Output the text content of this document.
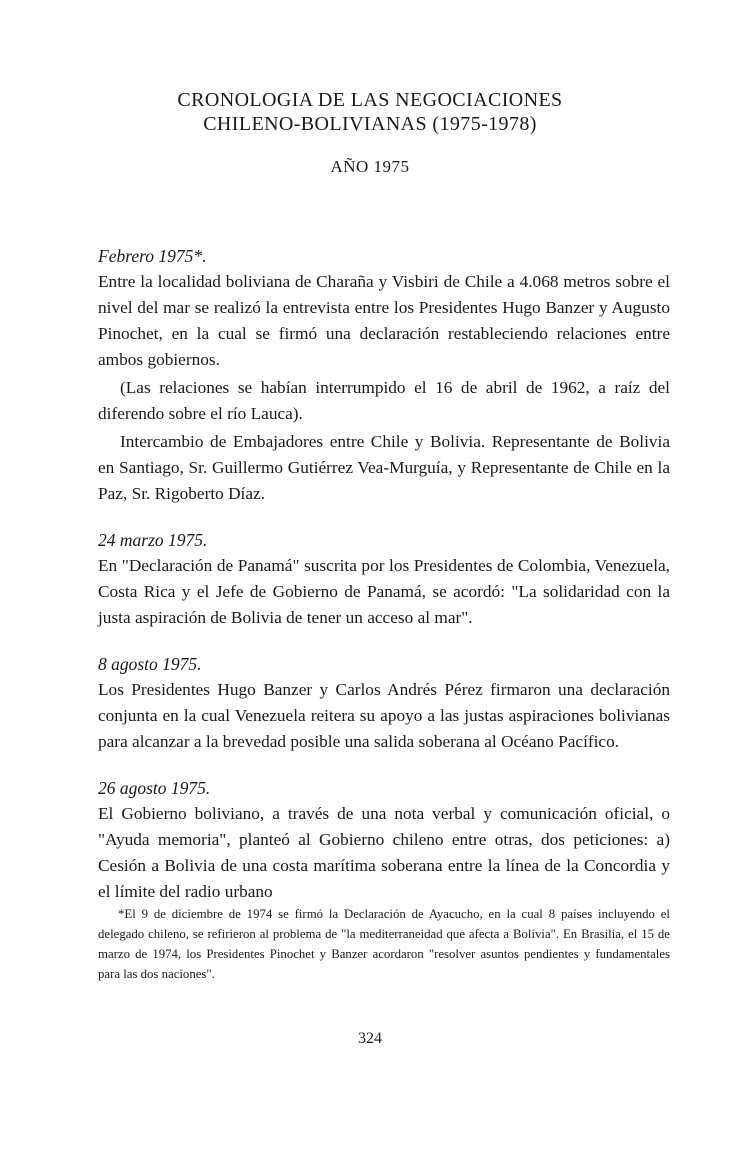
CRONOLOGIA DE LAS NEGOCIACIONES
CHILENO-BOLIVIANAS (1975-1978)
AÑO 1975
Febrero 1975*.

Entre la localidad boliviana de Charaña y Visbiri de Chile a 4.068 metros sobre el nivel del mar se realizó la entrevista entre los Presidentes Hugo Banzer y Augusto Pinochet, en la cual se firmó una declaración restableciendo relaciones entre ambos gobiernos.

(Las relaciones se habían interrumpido el 16 de abril de 1962, a raíz del diferendo sobre el río Lauca).

Intercambio de Embajadores entre Chile y Bolivia. Representante de Bolivia en Santiago, Sr. Guillermo Gutiérrez Vea-Murguía, y Representante de Chile en la Paz, Sr. Rigoberto Díaz.

24 marzo 1975.

En "Declaración de Panamá" suscrita por los Presidentes de Colombia, Venezuela, Costa Rica y el Jefe de Gobierno de Panamá, se acordó: "La solidaridad con la justa aspiración de Bolivia de tener un acceso al mar".

8 agosto 1975.

Los Presidentes Hugo Banzer y Carlos Andrés Pérez firmaron una declaración conjunta en la cual Venezuela reitera su apoyo a las justas aspiraciones bolivianas para alcanzar a la brevedad posible una salida soberana al Océano Pacífico.

26 agosto 1975.

El Gobierno boliviano, a través de una nota verbal y comunicación oficial, o "Ayuda memoria", planteó al Gobierno chileno entre otras, dos peticiones: a) Cesión a Bolivia de una costa marítima soberana entre la línea de la Concordia y el límite del radio urbano

*El 9 de diciembre de 1974 se firmó la Declaración de Ayacucho, en la cual 8 países incluyendo el delegado chileno, se refirieron al problema de "la mediterraneidad que afecta a Bolivia". En Brasilia, el 15 de marzo de 1974, los Presidentes Pinochet y Banzer acordaron "resolver asuntos pendientes y fundamentales para las dos naciones".
324
